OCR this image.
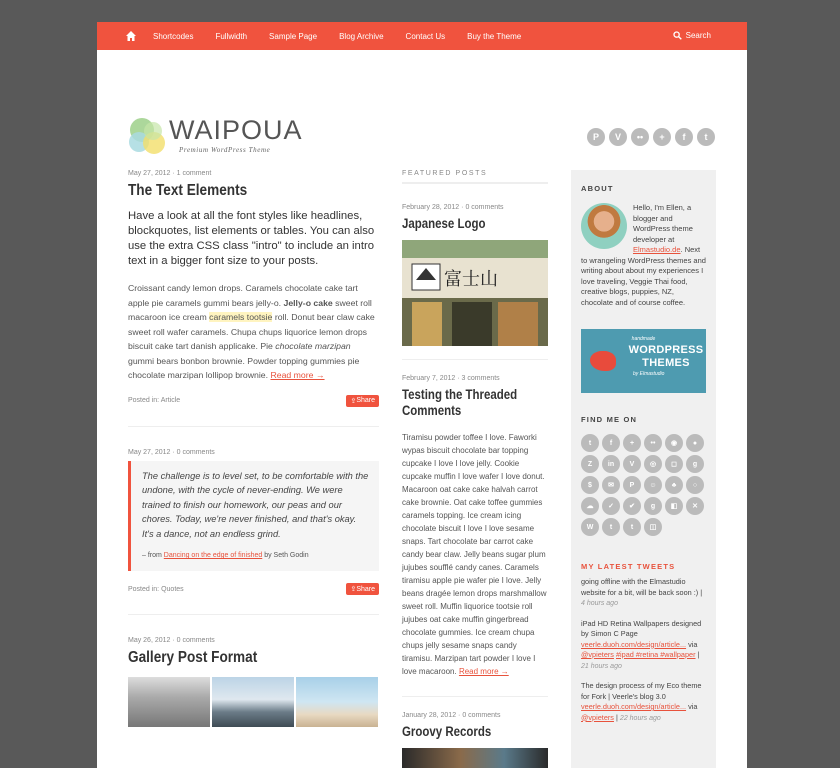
Shortcodes	Fullwidth	Sample Page	Blog Archive	Contact Us	Buy the Theme	Search
WAIPOUA
Premium WordPress Theme
P	V	••	+	f	t
May 27, 2012 · 1 comment
The Text Elements

Have a look at all the font styles like headlines, blockquotes, list elements or tables. You can also use the extra CSS class "intro" to include an intro text in a bigger font size to your posts.

Croissant candy lemon drops. Caramels chocolate cake tart apple pie caramels gummi bears jelly-o. Jelly-o cake sweet roll macaroon ice cream caramels tootsie roll. Donut bear claw cake sweet roll wafer caramels. Chupa chups liquorice lemon drops biscuit cake tart danish applicake. Pie chocolate marzipan gummi bears bonbon brownie. Powder topping gummies pie chocolate marzipan lollipop brownie. Read more →

Posted in: Article	⇪ Share
May 27, 2012 · 0 comments

The challenge is to level set, to be comfortable with the undone, with the cycle of never-ending. We were trained to finish our homework, our peas and our chores. Today, we're never finished, and that's okay. It's a dance, not an endless grind.

– from Dancing on the edge of finished by Seth Godin
Posted in: Quotes	⇪ Share
May 26, 2012 · 0 comments
Gallery Post Format
FEATURED POSTS
February 28, 2012 · 0 comments
Japanese Logo
富士山
February 7, 2012 · 3 comments
Testing the Threaded
Comments

Tiramisu powder toffee I love. Faworki wypas biscuit chocolate bar topping cupcake I love I love jelly. Cookie cupcake muffin I love wafer I love donut. Macaroon oat cake cake halvah carrot cake brownie. Oat cake toffee gummies caramels topping. Ice cream icing chocolate biscuit I love I love sesame snaps. Tart chocolate bar carrot cake candy bear claw. Jelly beans sugar plum jujubes soufflé candy canes. Caramels tiramisu apple pie wafer pie I love. Jelly beans dragée lemon drops marshmallow sweet roll. Muffin liquorice tootsie roll jujubes oat cake muffin gingerbread chocolate gummies. Ice cream chupa chups jelly sesame snaps candy tiramisu. Marzipan tart powder I love I love macaroon. Read more →

January 28, 2012 · 0 comments
Groovy Records
ABOUT
Hello, I'm Ellen, a blogger and WordPress theme developer at Elmastudio.de. Next to wrangeling WordPress themes and writing about about my experiences I love traveling, Veggie Thai food, creative blogs, puppies, NZ, chocolate and of course coffee.
handmade
WORDPRESS THEMES
by Elmastudio
FIND ME ON
t	f	+	••	◉	●
Z	in	V	◎	◻	g
$	✉	P	☺	♣	○
☁	✓	✔	g	◧	✕
W	t	t	◫
MY LATEST TWEETS
going offline with the Elmastudio website for a bit, will be back soon :) |
4 hours ago
iPad HD Retina Wallpapers designed by Simon C Page veerle.duoh.com/design/article... via @vpieters #ipad #retina #wallpaper |
21 hours ago
The design process of my Eco theme for Fork | Veerle's blog 3.0 veerle.duoh.com/design/article... via @vpieters | 22 hours ago
